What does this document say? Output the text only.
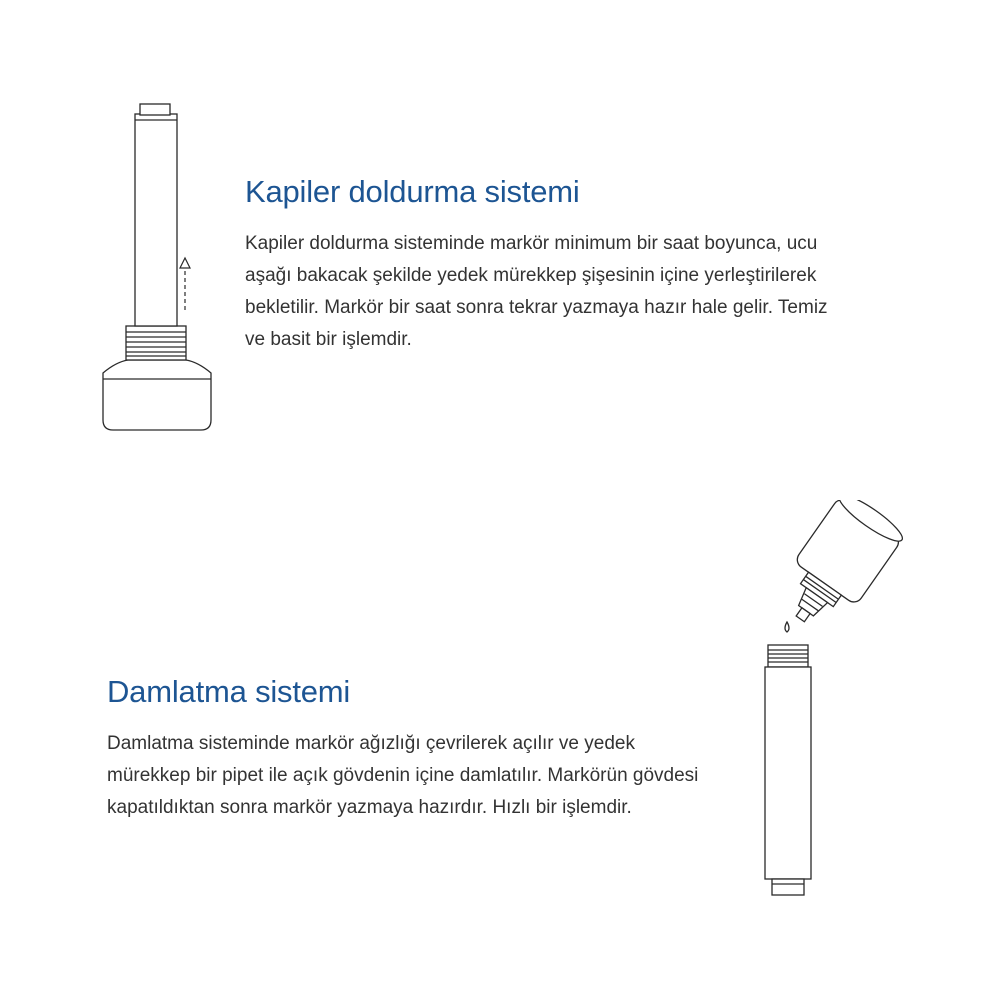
Kapiler doldurma sistemi

Kapiler doldurma sisteminde markör minimum bir saat boyunca, ucu
aşağı bakacak şekilde yedek mürekkep şişesinin içine yerleştirilerek
bekletilir. Markör bir saat sonra tekrar yazmaya hazır hale gelir. Temiz
ve basit bir işlemdir.

Damlatma sistemi

Damlatma sisteminde markör ağızlığı çevrilerek açılır ve yedek
mürekkep bir pipet ile açık gövdenin içine damlatılır. Markörün gövdesi
kapatıldıktan sonra markör yazmaya hazırdır. Hızlı bir işlemdir.
